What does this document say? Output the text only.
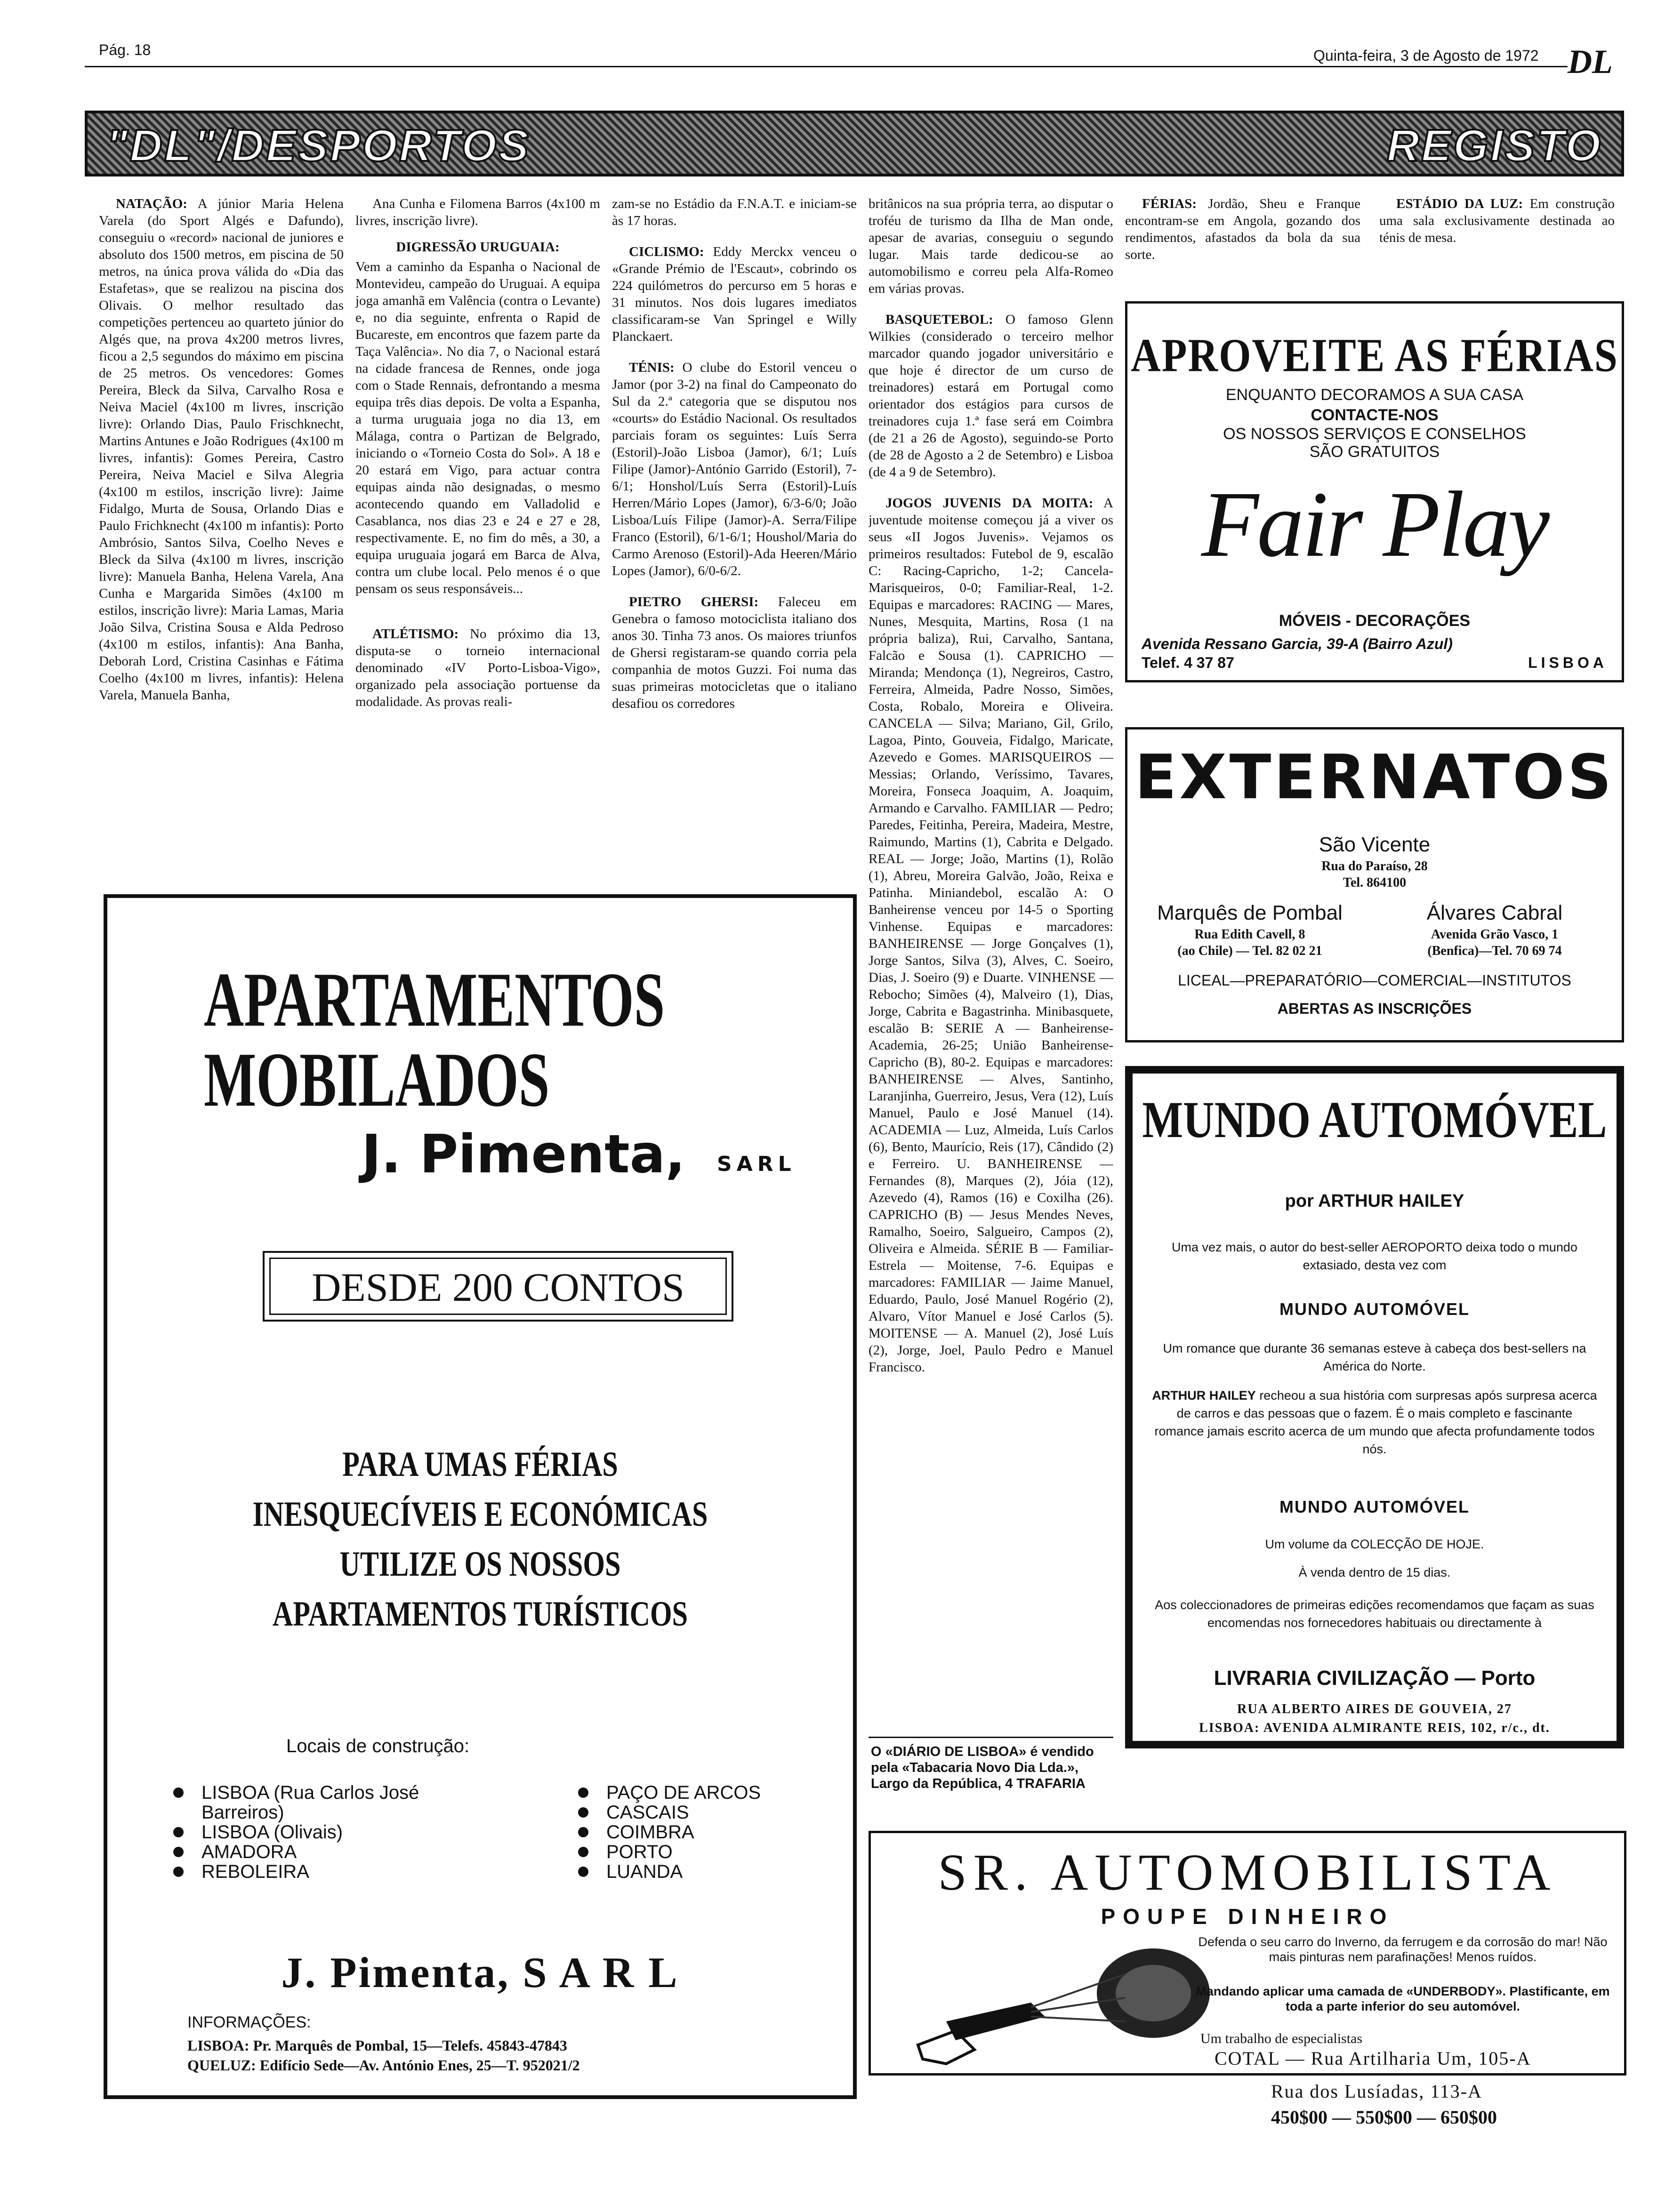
Pág. 18	Quinta-feira, 3 de Agosto de 1972 DL
"DL"/DESPORTOS	REGISTO

NATAÇÃO: A júnior Maria Helena Varela (do Sport Algés e Dafundo), conseguiu o «record» nacional de juniores e absoluto dos 1500 metros, em piscina de 50 metros, na única prova válida do «Dia das Estafetas», que se realizou na piscina dos Olivais. O melhor resultado das competições pertenceu ao quarteto júnior do Algés que, na prova 4x200 metros livres, ficou a 2,5 segundos do máximo em piscina de 25 metros. Os vencedores: Gomes Pereira, Bleck da Silva, Carvalho Rosa e Neiva Maciel (4x100 m livres, inscrição livre): Orlando Dias, Paulo Frischknecht, Martins Antunes e João Rodrigues (4x100 m livres, infantis): Gomes Pereira, Castro Pereira, Neiva Maciel e Silva Alegria (4x100 m estilos, inscrição livre): Jaime Fidalgo, Murta de Sousa, Orlando Dias e Paulo Frichknecht (4x100 m infantis): Porto Ambrósio, Santos Silva, Coelho Neves e Bleck da Silva (4x100 m livres, inscrição livre): Manuela Banha, Helena Varela, Ana Cunha e Margarida Simões (4x100 m estilos, inscrição livre): Maria Lamas, Maria João Silva, Cristina Sousa e Alda Pedroso (4x100 m estilos, infantis): Ana Banha, Deborah Lord, Cristina Casinhas e Fátima Coelho (4x100 m livres, infantis): Helena Varela, Manuela Banha,

Ana Cunha e Filomena Barros (4x100 m livres, inscrição livre).

DIGRESSÃO URUGUAIA:

Vem a caminho da Espanha o Nacional de Montevideu, campeão do Uruguai. A equipa joga amanhã em Valência (contra o Levante) e, no dia seguinte, enfrenta o Rapid de Bucareste, em encontros que fazem parte da Taça Valência». No dia 7, o Nacional estará na cidade francesa de Rennes, onde joga com o Stade Rennais, defrontando a mesma equipa três dias depois. De volta a Espanha, a turma uruguaia joga no dia 13, em Málaga, contra o Partizan de Belgrado, iniciando o «Torneio Costa do Sol». A 18 e 20 estará em Vigo, para actuar contra equipas ainda não designadas, o mesmo acontecendo quando em Valladolid e Casablanca, nos dias 23 e 24 e 27 e 28, respectivamente. E, no fim do mês, a 30, a equipa uruguaia jogará em Barca de Alva, contra um clube local. Pelo menos é o que pensam os seus responsáveis...

ATLÉTISMO: No próximo dia 13, disputa-se o torneio internacional denominado «IV Porto-Lisboa-Vigo», organizado pela associação portuense da modalidade. As provas reali-

zam-se no Estádio da F.N.A.T. e iniciam-se às 17 horas.

CICLISMO: Eddy Merckx venceu o «Grande Prémio de l'Escaut», cobrindo os 224 quilómetros do percurso em 5 horas e 31 minutos. Nos dois lugares imediatos classificaram-se Van Springel e Willy Planckaert.

TÉNIS: O clube do Estoril venceu o Jamor (por 3-2) na final do Campeonato do Sul da 2.ª categoria que se disputou nos «courts» do Estádio Nacional. Os resultados parciais foram os seguintes: Luís Serra (Estoril)-João Lisboa (Jamor), 6/1; Luís Filipe (Jamor)-António Garrido (Estoril), 7-6/1; Honshol/Luís Serra (Estoril)-Luís Herren/Mário Lopes (Jamor), 6/3-6/0; João Lisboa/Luís Filipe (Jamor)-A. Serra/Filipe Franco (Estoril), 6/1-6/1; Houshol/Maria do Carmo Arenoso (Estoril)-Ada Heeren/Mário Lopes (Jamor), 6/0-6/2.

PIETRO GHERSI: Faleceu em Genebra o famoso motociclista italiano dos anos 30. Tinha 73 anos. Os maiores triunfos de Ghersi registaram-se quando corria pela companhia de motos Guzzi. Foi numa das suas primeiras motocicletas que o italiano desafiou os corredores

britânicos na sua própria terra, ao disputar o troféu de turismo da Ilha de Man onde, apesar de avarias, conseguiu o segundo lugar. Mais tarde dedicou-se ao automobilismo e correu pela Alfa-Romeo em várias provas.

BASQUETEBOL: O famoso Glenn Wilkies (considerado o terceiro melhor marcador quando jogador universitário e que hoje é director de um curso de treinadores) estará em Portugal como orientador dos estágios para cursos de treinadores cuja 1.ª fase será em Coimbra (de 21 a 26 de Agosto), seguindo-se Porto (de 28 de Agosto a 2 de Setembro) e Lisboa (de 4 a 9 de Setembro).

JOGOS JUVENIS DA MOITA: A juventude moitense começou já a viver os seus «II Jogos Juvenis». Vejamos os primeiros resultados: Futebol de 9, escalão C: Racing-Capricho, 1-2; Cancela-Marisqueiros, 0-0; Familiar-Real, 1-2. Equipas e marcadores: RACING — Mares, Nunes, Mesquita, Martins, Rosa (1 na própria baliza), Rui, Carvalho, Santana, Falcão e Sousa (1). CAPRICHO — Miranda; Mendonça (1), Negreiros, Castro, Ferreira, Almeida, Padre Nosso, Simões, Costa, Robalo, Moreira e Oliveira. CANCELA — Silva; Mariano, Gil, Grilo, Lagoa, Pinto, Gouveia, Fidalgo, Maricate, Azevedo e Gomes. MARISQUEIROS — Messias; Orlando, Veríssimo, Tavares, Moreira, Fonseca Joaquim, A. Joaquim, Armando e Carvalho. FAMILIAR — Pedro; Paredes, Feitinha, Pereira, Madeira, Mestre, Raimundo, Martins (1), Cabrita e Delgado. REAL — Jorge; João, Martins (1), Rolão (1), Abreu, Moreira Galvão, João, Reixa e Patinha. Miniandebol, escalão A: O Banheirense venceu por 14-5 o Sporting Vinhense. Equipas e marcadores: BANHEIRENSE — Jorge Gonçalves (1), Jorge Santos, Silva (3), Alves, C. Soeiro, Dias, J. Soeiro (9) e Duarte. VINHENSE — Rebocho; Simões (4), Malveiro (1), Dias, Jorge, Cabrita e Bagastrinha. Minibasquete, escalão B: SERIE A — Banheirense-Academia, 26-25; União Banheirense-Capricho (B), 80-2. Equipas e marcadores: BANHEIRENSE — Alves, Santinho, Laranjinha, Guerreiro, Jesus, Vera (12), Luís Manuel, Paulo e José Manuel (14). ACADEMIA — Luz, Almeida, Luís Carlos (6), Bento, Maurício, Reis (17), Cândido (2) e Ferreiro. U. BANHEIRENSE — Fernandes (8), Marques (2), Jóia (12), Azevedo (4), Ramos (16) e Coxilha (26). CAPRICHO (B) — Jesus Mendes Neves, Ramalho, Soeiro, Salgueiro, Campos (2), Oliveira e Almeida. SÉRIE B — Familiar-Estrela — Moitense, 7-6. Equipas e marcadores: FAMILIAR — Jaime Manuel, Eduardo, Paulo, José Manuel Rogério (2), Alvaro, Vítor Manuel e José Carlos (5). MOITENSE — A. Manuel (2), José Luís (2), Jorge, Joel, Paulo Pedro e Manuel Francisco.

O «DIÁRIO DE LISBOA» é vendido pela «Tabacaria Novo Dia Lda.», Largo da República, 4 TRAFARIA

FÉRIAS: Jordão, Sheu e Franque encontram-se em Angola, gozando dos rendimentos, afastados da bola da sua sorte.

ESTÁDIO DA LUZ: Em construção uma sala exclusivamente destinada ao ténis de mesa.

APROVEITE AS FÉRIAS
ENQUANTO DECORAMOS A SUA CASA
CONTACTE-NOS
OS NOSSOS SERVIÇOS E CONSELHOS
SÃO GRATUITOS
Fair Play
MÓVEIS - DECORAÇÕES
Avenida Ressano Garcia, 39-A (Bairro Azul)
Telef. 4 37 87	LISBOA
EXTERNATOS
São Vicente
Rua do Paraíso, 28
Tel. 864100
Marquês de Pombal
Rua Edith Cavell, 8
(ao Chile) — Tel. 82 02 21
Álvares Cabral
Avenida Grão Vasco, 1
(Benfica)—Tel. 70 69 74
LICEAL—PREPARATÓRIO—COMERCIAL—INSTITUTOS
ABERTAS AS INSCRIÇÕES
MUNDO AUTOMÓVEL
por ARTHUR HAILEY
Uma vez mais, o autor do best-seller AEROPORTO deixa todo o mundo extasiado, desta vez com
MUNDO AUTOMÓVEL
Um romance que durante 36 semanas esteve à cabeça dos best-sellers na América do Norte.
ARTHUR HAILEY recheou a sua história com surpresas após surpresa acerca de carros e das pessoas que o fazem. É o mais completo e fascinante romance jamais escrito acerca de um mundo que afecta profundamente todos nós.
MUNDO AUTOMÓVEL
Um volume da COLECÇÃO DE HOJE.
À venda dentro de 15 dias.
Aos coleccionadores de primeiras edições recomendamos que façam as suas encomendas nos fornecedores habituais ou directamente à
LIVRARIA CIVILIZAÇÃO — Porto
RUA ALBERTO AIRES DE GOUVEIA, 27
LISBOA: AVENIDA ALMIRANTE REIS, 102, r/c., dt.
APARTAMENTOS
MOBILADOS
J. Pimenta, SARL
DESDE 200 CONTOS
PARA UMAS FÉRIAS
INESQUECÍVEIS E ECONÓMICAS
UTILIZE OS NOSSOS
APARTAMENTOS TURÍSTICOS
Locais de construção:
LISBOA (Rua Carlos José Barreiros)
LISBOA (Olivais)
AMADORA
REBOLEIRA
PAÇO DE ARCOS
CASCAIS
COIMBRA
PORTO
LUANDA
J. Pimenta, S A R L
INFORMAÇÕES:
LISBOA: Pr. Marquês de Pombal, 15—Telefs. 45843-47843
QUELUZ: Edifício Sede—Av. António Enes, 25—T. 952021/2
SR. AUTOMOBILISTA
POUPE DINHEIRO
Defenda o seu carro do Inverno, da ferrugem e da corrosão do mar! Não mais pinturas nem parafinações! Menos ruídos.
Mandando aplicar uma camada de «UNDERBODY». Plastificante, em toda a parte inferior do seu automóvel.
Um trabalho de especialistas
COTAL — Rua Artilharia Um, 105-A
Rua dos Lusíadas, 113-A
450$00 — 550$00 — 650$00
